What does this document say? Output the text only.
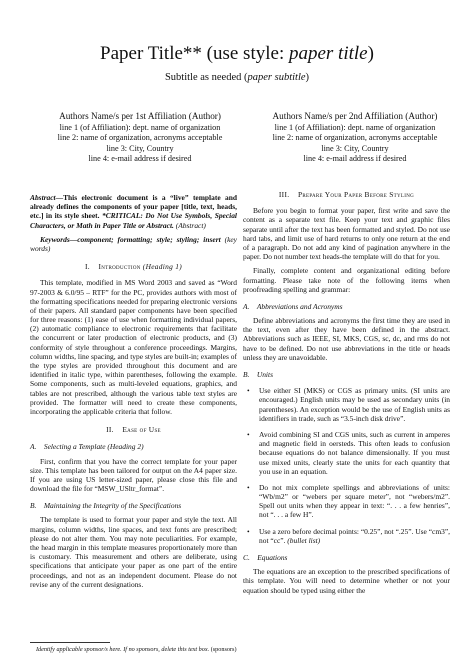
Paper Title** (use style: paper title)
Subtitle as needed (paper subtitle)
Authors Name/s per 1st Affiliation (Author)
line 1 (of Affiliation): dept. name of organization
line 2: name of organization, acronyms acceptable
line 3: City, Country
line 4: e-mail address if desired
Authors Name/s per 2nd Affiliation (Author)
line 1 (of Affiliation): dept. name of organization
line 2: name of organization, acronyms acceptable
line 3: City, Country
line 4: e-mail address if desired

Abstract—This electronic document is a “live” template and already defines the components of your paper [title, text, heads, etc.] in its style sheet. *CRITICAL: Do Not Use Symbols, Special Characters, or Math in Paper Title or Abstract. (Abstract)

Keywords—component; formatting; style; styling; insert (key words)

I. Introduction (Heading 1)

This template, modified in MS Word 2003 and saved as “Word 97-2003 & 6.0/95 – RTF” for the PC, provides authors with most of the formatting specifications needed for preparing electronic versions of their papers. All standard paper components have been specified for three reasons: (1) ease of use when formatting individual papers, (2) automatic compliance to electronic requirements that facilitate the concurrent or later production of electronic products, and (3) conformity of style throughout a conference proceedings. Margins, column widths, line spacing, and type styles are built-in; examples of the type styles are provided throughout this document and are identified in italic type, within parentheses, following the example. Some components, such as multi-leveled equations, graphics, and tables are not prescribed, although the various table text styles are provided. The formatter will need to create these components, incorporating the applicable criteria that follow.

II. Ease of Use
A. Selecting a Template (Heading 2)

First, confirm that you have the correct template for your paper size. This template has been tailored for output on the A4 paper size. If you are using US letter-sized paper, please close this file and download the file for “MSW_USltr_format”.

B. Maintaining the Integrity of the Specifications

The template is used to format your paper and style the text. All margins, column widths, line spaces, and text fonts are prescribed; please do not alter them. You may note peculiarities. For example, the head margin in this template measures proportionately more than is customary. This measurement and others are deliberate, using specifications that anticipate your paper as one part of the entire proceedings, and not as an independent document. Please do not revise any of the current designations.

III. Prepare Your Paper Before Styling

Before you begin to format your paper, first write and save the content as a separate text file. Keep your text and graphic files separate until after the text has been formatted and styled. Do not use hard tabs, and limit use of hard returns to only one return at the end of a paragraph. Do not add any kind of pagination anywhere in the paper. Do not number text heads-the template will do that for you.

Finally, complete content and organizational editing before formatting. Please take note of the following items when proofreading spelling and grammar:

A. Abbreviations and Acronyms

Define abbreviations and acronyms the first time they are used in the text, even after they have been defined in the abstract. Abbreviations such as IEEE, SI, MKS, CGS, sc, dc, and rms do not have to be defined. Do not use abbreviations in the title or heads unless they are unavoidable.

B. Units
• Use either SI (MKS) or CGS as primary units. (SI units are encouraged.) English units may be used as secondary units (in parentheses). An exception would be the use of English units as identifiers in trade, such as “3.5-inch disk drive”.
• Avoid combining SI and CGS units, such as current in amperes and magnetic field in oersteds. This often leads to confusion because equations do not balance dimensionally. If you must use mixed units, clearly state the units for each quantity that you use in an equation.
• Do not mix complete spellings and abbreviations of units: “Wb/m2” or “webers per square meter”, not “webers/m2”. Spell out units when they appear in text: “. . . a few henries”, not “. . . a few H”.
• Use a zero before decimal points: “0.25”, not “.25”. Use “cm3”, not “cc”. (bullet list)
C. Equations

The equations are an exception to the prescribed specifications of this template. You will need to determine whether or not your equation should be typed using either the

Identify applicable sponsor/s here. If no sponsors, delete this text box. (sponsors)
